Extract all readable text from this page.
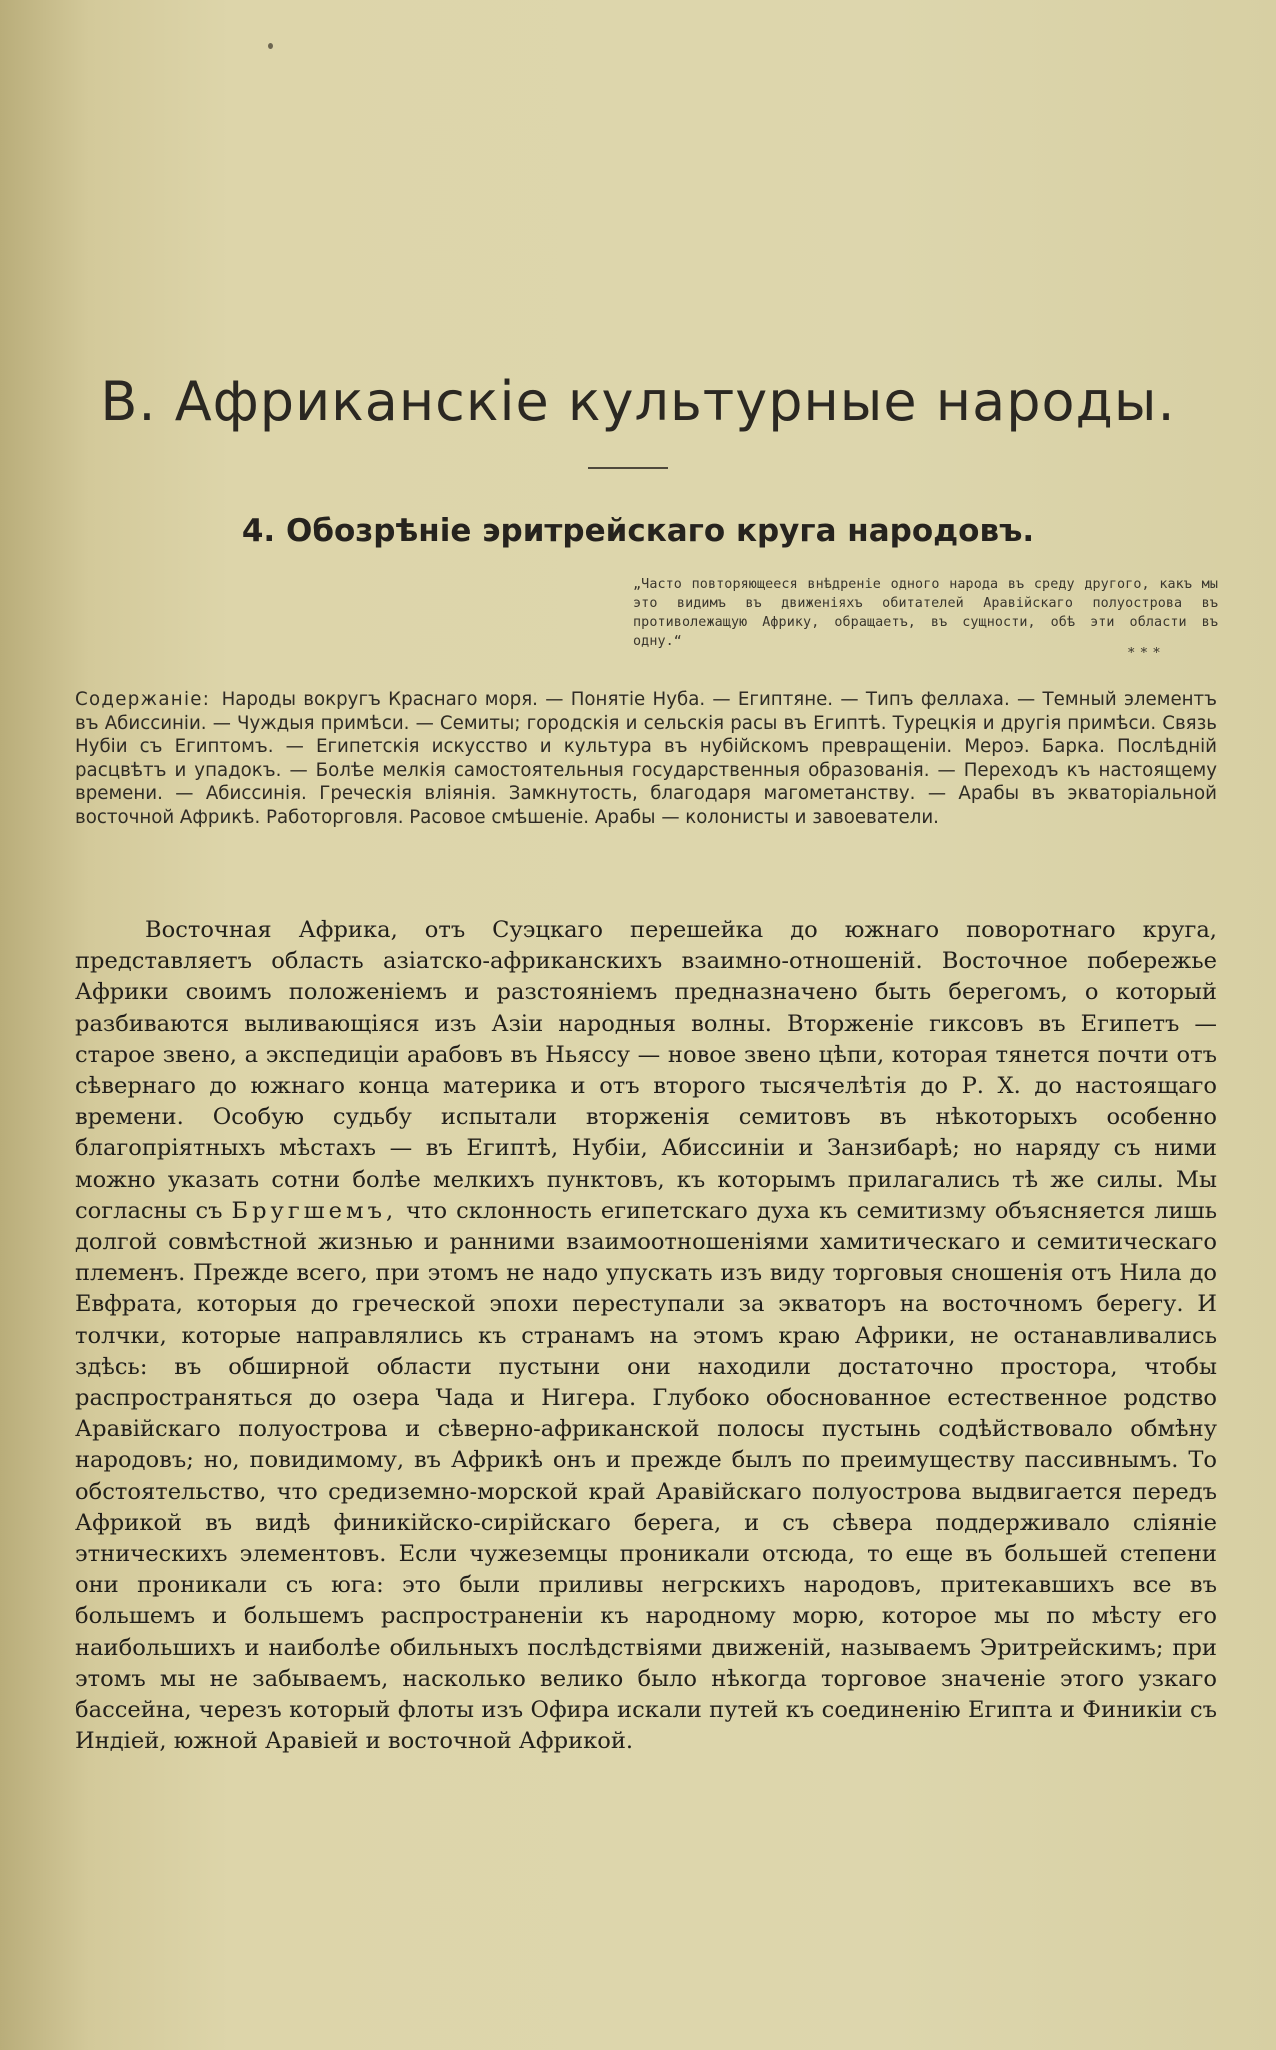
В. Африканскіе культурные народы.
4. Обозрѣніе эритрейскаго круга народовъ.

„Часто повторяющееся внѣдреніе одного народа въ среду другого, какъ мы это видимъ въ движеніяхъ обитателей Аравійскаго полуострова въ противолежащую Африку, обращаетъ, въ сущности, обѣ эти области въ одну.“

* * *

Содержаніе: Народы вокругъ Краснаго моря. — Понятіе Нуба. — Египтяне. — Типъ феллаха. — Темный элементъ въ Абиссиніи. — Чуждыя примѣси. — Семиты; городскія и сельскія расы въ Египтѣ. Турецкія и другія примѣси. Связь Нубіи съ Египтомъ. — Египетскія искусство и культура въ нубійскомъ превращеніи. Мероэ. Барка. Послѣдній расцвѣтъ и упадокъ. — Болѣе мелкія самостоятельныя государственныя образованія. — Переходъ къ настоящему времени. — Абиссинія. Греческія вліянія. Замкнутость, благодаря магометанству. — Арабы въ экваторіальной восточной Африкѣ. Работорговля. Расовое смѣшеніе. Арабы — колонисты и завоеватели.

Восточная Африка, отъ Суэцкаго перешейка до южнаго поворотнаго круга, представляетъ область азіатско-африканскихъ взаимно-отношеній. Восточное побережье Африки своимъ положеніемъ и разстояніемъ предназначено быть берегомъ, о который разбиваются выливающіяся изъ Азіи народныя волны. Вторженіе гиксовъ въ Египетъ — старое звено, а экспедиціи арабовъ въ Ньяссу — новое звено цѣпи, которая тянется почти отъ сѣвернаго до южнаго конца материка и отъ второго тысячелѣтія до Р. Х. до настоящаго времени. Особую судьбу испытали вторженія семитовъ въ нѣкоторыхъ особенно благопріятныхъ мѣстахъ — въ Египтѣ, Нубіи, Абиссиніи и Занзибарѣ; но наряду съ ними можно указать сотни болѣе мелкихъ пунктовъ, къ которымъ прилагались тѣ же силы. Мы согласны съ Бругшемъ, что склонность египетскаго духа къ семитизму объясняется лишь долгой совмѣстной жизнью и ранними взаимоотношеніями хамитическаго и семитическаго племенъ. Прежде всего, при этомъ не надо упускать изъ виду торговыя сношенія отъ Нила до Евфрата, которыя до греческой эпохи переступали за экваторъ на восточномъ берегу. И толчки, которые направлялись къ странамъ на этомъ краю Африки, не останавливались здѣсь: въ обширной области пустыни они находили достаточно простора, чтобы распространяться до озера Чада и Нигера. Глубоко обоснованное естественное родство Аравійскаго полуострова и сѣверно-африканской полосы пустынь содѣйствовало обмѣну народовъ; но, повидимому, въ Африкѣ онъ и прежде былъ по преимуществу пассивнымъ. То обстоятельство, что средиземно-морской край Аравійскаго полуострова выдвигается передъ Африкой въ видѣ финикійско-сирійскаго берега, и съ сѣвера поддерживало сліяніе этническихъ элементовъ. Если чужеземцы проникали отсюда, то еще въ большей степени они проникали съ юга: это были приливы негрскихъ народовъ, притекавшихъ все въ большемъ и большемъ распространеніи къ народному морю, которое мы по мѣсту его наибольшихъ и наиболѣе обильныхъ послѣдствіями движеній, называемъ Эритрейскимъ; при этомъ мы не забываемъ, насколько велико было нѣкогда торговое значеніе этого узкаго бассейна, черезъ который флоты изъ Офира искали путей къ соединенію Египта и Финикіи съ Индіей, южной Аравіей и восточной Африкой.
